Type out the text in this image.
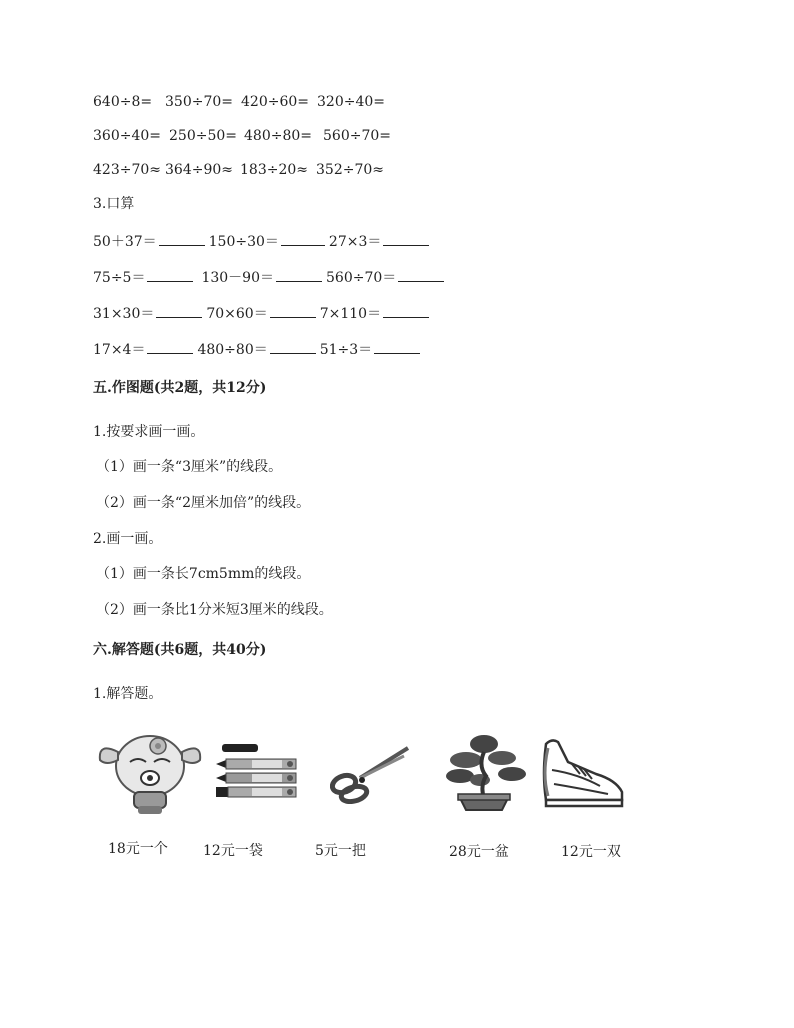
640÷8= 350÷70= 420÷60= 320÷40=
360÷40= 250÷50= 480÷80= 560÷70=
423÷70≈ 364÷90≈ 183÷20≈ 352÷70≈
3.口算
50＋37＝	150÷30＝	27×3＝
75÷5＝	130－90＝	560÷70＝
31×30＝	70×60＝	7×110＝
17×4＝	480÷80＝	51÷3＝
五.作图题(共2题，共12分)
1.按要求画一画。
（1）画一条“3厘米”的线段。
（2）画一条“2厘米加倍”的线段。
2.画一画。
（1）画一条长7cm5mm的线段。
（2）画一条比1分米短3厘米的线段。
六.解答题(共6题，共40分)
1.解答题。
18元一个	12元一袋	5元一把	28元一盆	12元一双
